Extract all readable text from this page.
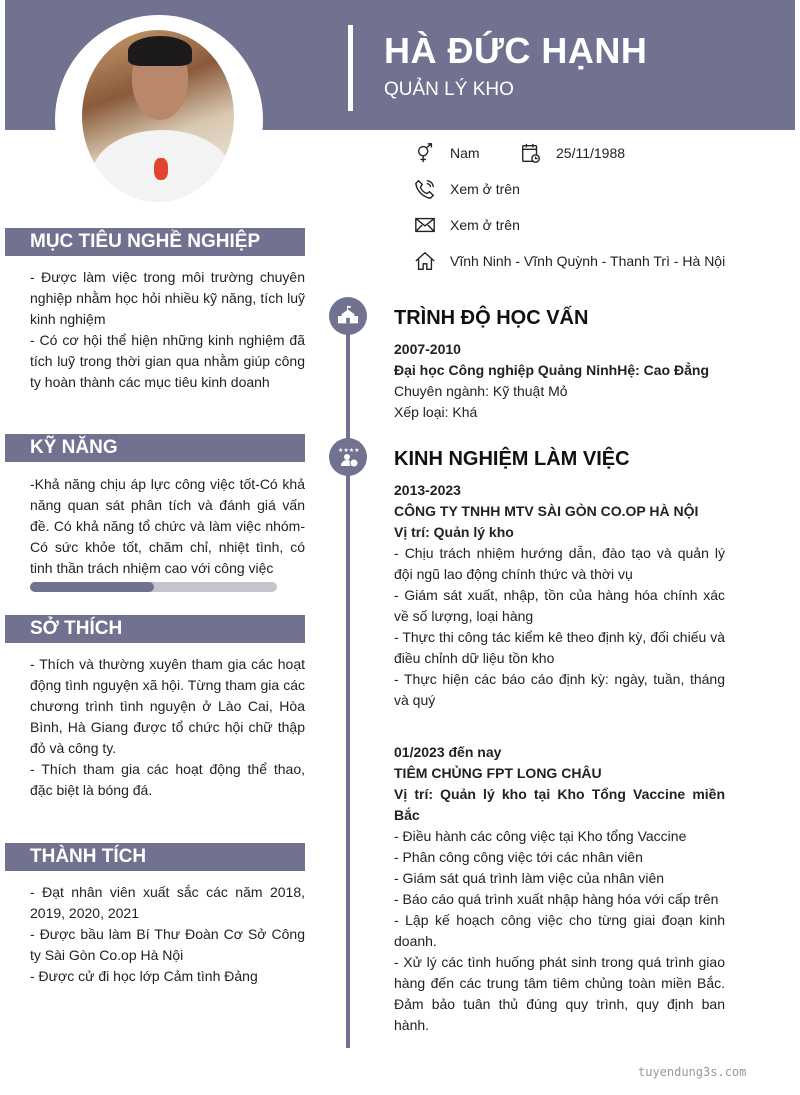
HÀ ĐỨC HẠNH
QUẢN LÝ KHO
Nam	25/11/1988
Xem ở trên
Xem ở trên
Vĩnh Ninh - Vĩnh Quỳnh - Thanh Trì - Hà Nội
MỤC TIÊU NGHỀ NGHIỆP
- Được làm việc trong môi trường chuyên nghiệp nhằm học hỏi nhiều kỹ năng, tích luỹ kinh nghiệm
- Có cơ hội thể hiện những kinh nghiệm đã tích luỹ trong thời gian qua nhằm giúp công ty hoàn thành các mục tiêu kinh doanh
KỸ NĂNG
-Khả năng chịu áp lực công việc tốt-Có khả năng quan sát phân tích và đánh giá vấn đề. Có khả năng tổ chức và làm việc nhóm-Có sức khỏe tốt, chăm chỉ, nhiệt tình, có tinh thần trách nhiệm cao với công việc
SỞ THÍCH
- Thích và thường xuyên tham gia các hoạt động tình nguyện xã hội. Từng tham gia các chương trình tình nguyện ở Lào Cai, Hòa Bình, Hà Giang được tổ chức hội chữ thập đỏ và công ty.
- Thích tham gia các hoạt động thể thao, đặc biệt là bóng đá.
THÀNH TÍCH
- Đạt nhân viên xuất sắc các năm 2018, 2019, 2020, 2021
- Được bầu làm Bí Thư Đoàn Cơ Sở Công ty Sài Gòn Co.op Hà Nội
- Được cử đi học lớp Cảm tình Đảng
★★★★
TRÌNH ĐỘ HỌC VẤN
2007-2010
Đại học Công nghiệp Quảng NinhHệ: Cao Đẳng
Chuyên ngành: Kỹ thuật Mỏ
Xếp loại: Khá
KINH NGHIỆM LÀM VIỆC
2013-2023
CÔNG TY TNHH MTV SÀI GÒN CO.OP HÀ NỘI
Vị trí: Quản lý kho
- Chịu trách nhiệm hướng dẫn, đào tạo và quản lý đội ngũ lao động chính thức và thời vụ
- Giám sát xuất, nhập, tồn của hàng hóa chính xác về số lượng, loại hàng
- Thực thi công tác kiểm kê theo định kỳ, đối chiếu và điều chỉnh dữ liệu tồn kho
- Thực hiện các báo cáo định kỳ: ngày, tuần, tháng và quý
01/2023 đến nay
TIÊM CHỦNG FPT LONG CHÂU
Vị trí: Quản lý kho tại Kho Tổng Vaccine miền Bắc
- Điều hành các công việc tại Kho tổng Vaccine
- Phân công công việc tới các nhân viên
- Giám sát quá trình làm việc của nhân viên
- Báo cáo quá trình xuất nhập hàng hóa với cấp trên
- Lập kế hoạch công việc cho từng giai đoạn kinh doanh.
- Xử lý các tình huống phát sinh trong quá trình giao hàng đến các trung tâm tiêm chủng toàn miền Bắc. Đảm bảo tuân thủ đúng quy trình, quy định ban hành.
tuyendung3s.com
